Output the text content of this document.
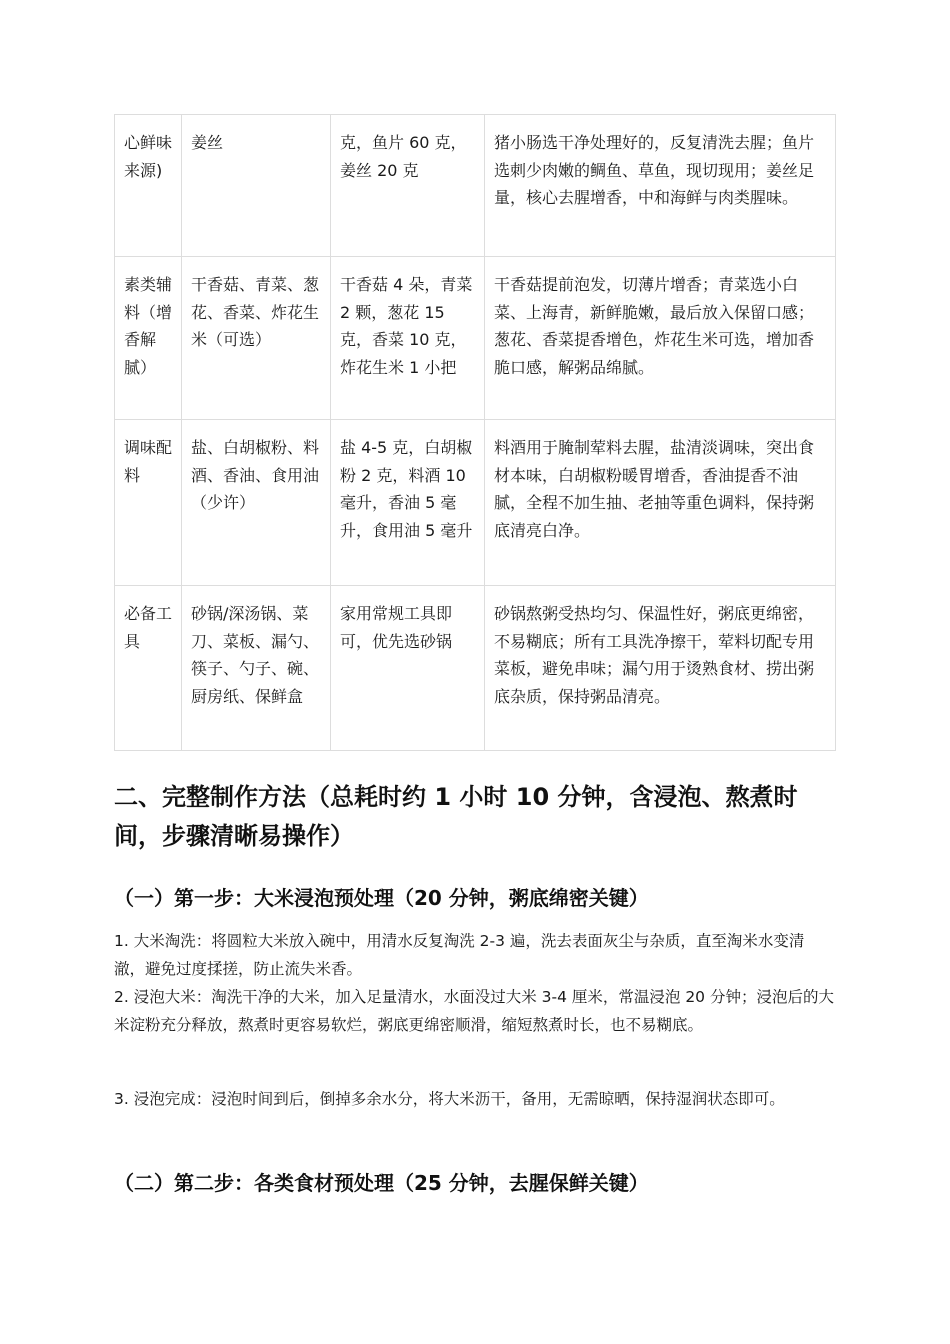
心鲜味来源)	姜丝	克，鱼片 60 克，姜丝 20 克	猪小肠选干净处理好的，反复清洗去腥；鱼片选刺少肉嫩的鲷鱼、草鱼，现切现用；姜丝足量，核心去腥增香，中和海鲜与肉类腥味。
素类辅料（增香解腻）	干香菇、青菜、葱花、香菜、炸花生米（可选）	干香菇 4 朵，青菜 2 颗，葱花 15 克，香菜 10 克，炸花生米 1 小把	干香菇提前泡发，切薄片增香；青菜选小白菜、上海青，新鲜脆嫩，最后放入保留口感；葱花、香菜提香增色，炸花生米可选，增加香脆口感，解粥品绵腻。
调味配料	盐、白胡椒粉、料酒、香油、食用油（少许）	盐 4-5 克，白胡椒粉 2 克，料酒 10 毫升，香油 5 毫升，食用油 5 毫升	料酒用于腌制荤料去腥，盐清淡调味，突出食材本味，白胡椒粉暖胃增香，香油提香不油腻，全程不加生抽、老抽等重色调料，保持粥底清亮白净。
必备工具	砂锅/深汤锅、菜刀、菜板、漏勺、筷子、勺子、碗、厨房纸、保鲜盒	家用常规工具即可，优先选砂锅	砂锅熬粥受热均匀、保温性好，粥底更绵密，不易糊底；所有工具洗净擦干，荤料切配专用菜板，避免串味；漏勺用于烫熟食材、捞出粥底杂质，保持粥品清亮。
二、完整制作方法（总耗时约 1 小时 10 分钟，含浸泡、熬煮时间，步骤清晰易操作）
（一）第一步：大米浸泡预处理（20 分钟，粥底绵密关键）

1. 大米淘洗：将圆粒大米放入碗中，用清水反复淘洗 2-3 遍，洗去表面灰尘与杂质，直至淘米水变清澈，避免过度揉搓，防止流失米香。

2. 浸泡大米：淘洗干净的大米，加入足量清水，水面没过大米 3-4 厘米，常温浸泡 20 分钟；浸泡后的大米淀粉充分释放，熬煮时更容易软烂，粥底更绵密顺滑，缩短熬煮时长，也不易糊底。

3. 浸泡完成：浸泡时间到后，倒掉多余水分，将大米沥干，备用，无需晾晒，保持湿润状态即可。

（二）第二步：各类食材预处理（25 分钟，去腥保鲜关键）
